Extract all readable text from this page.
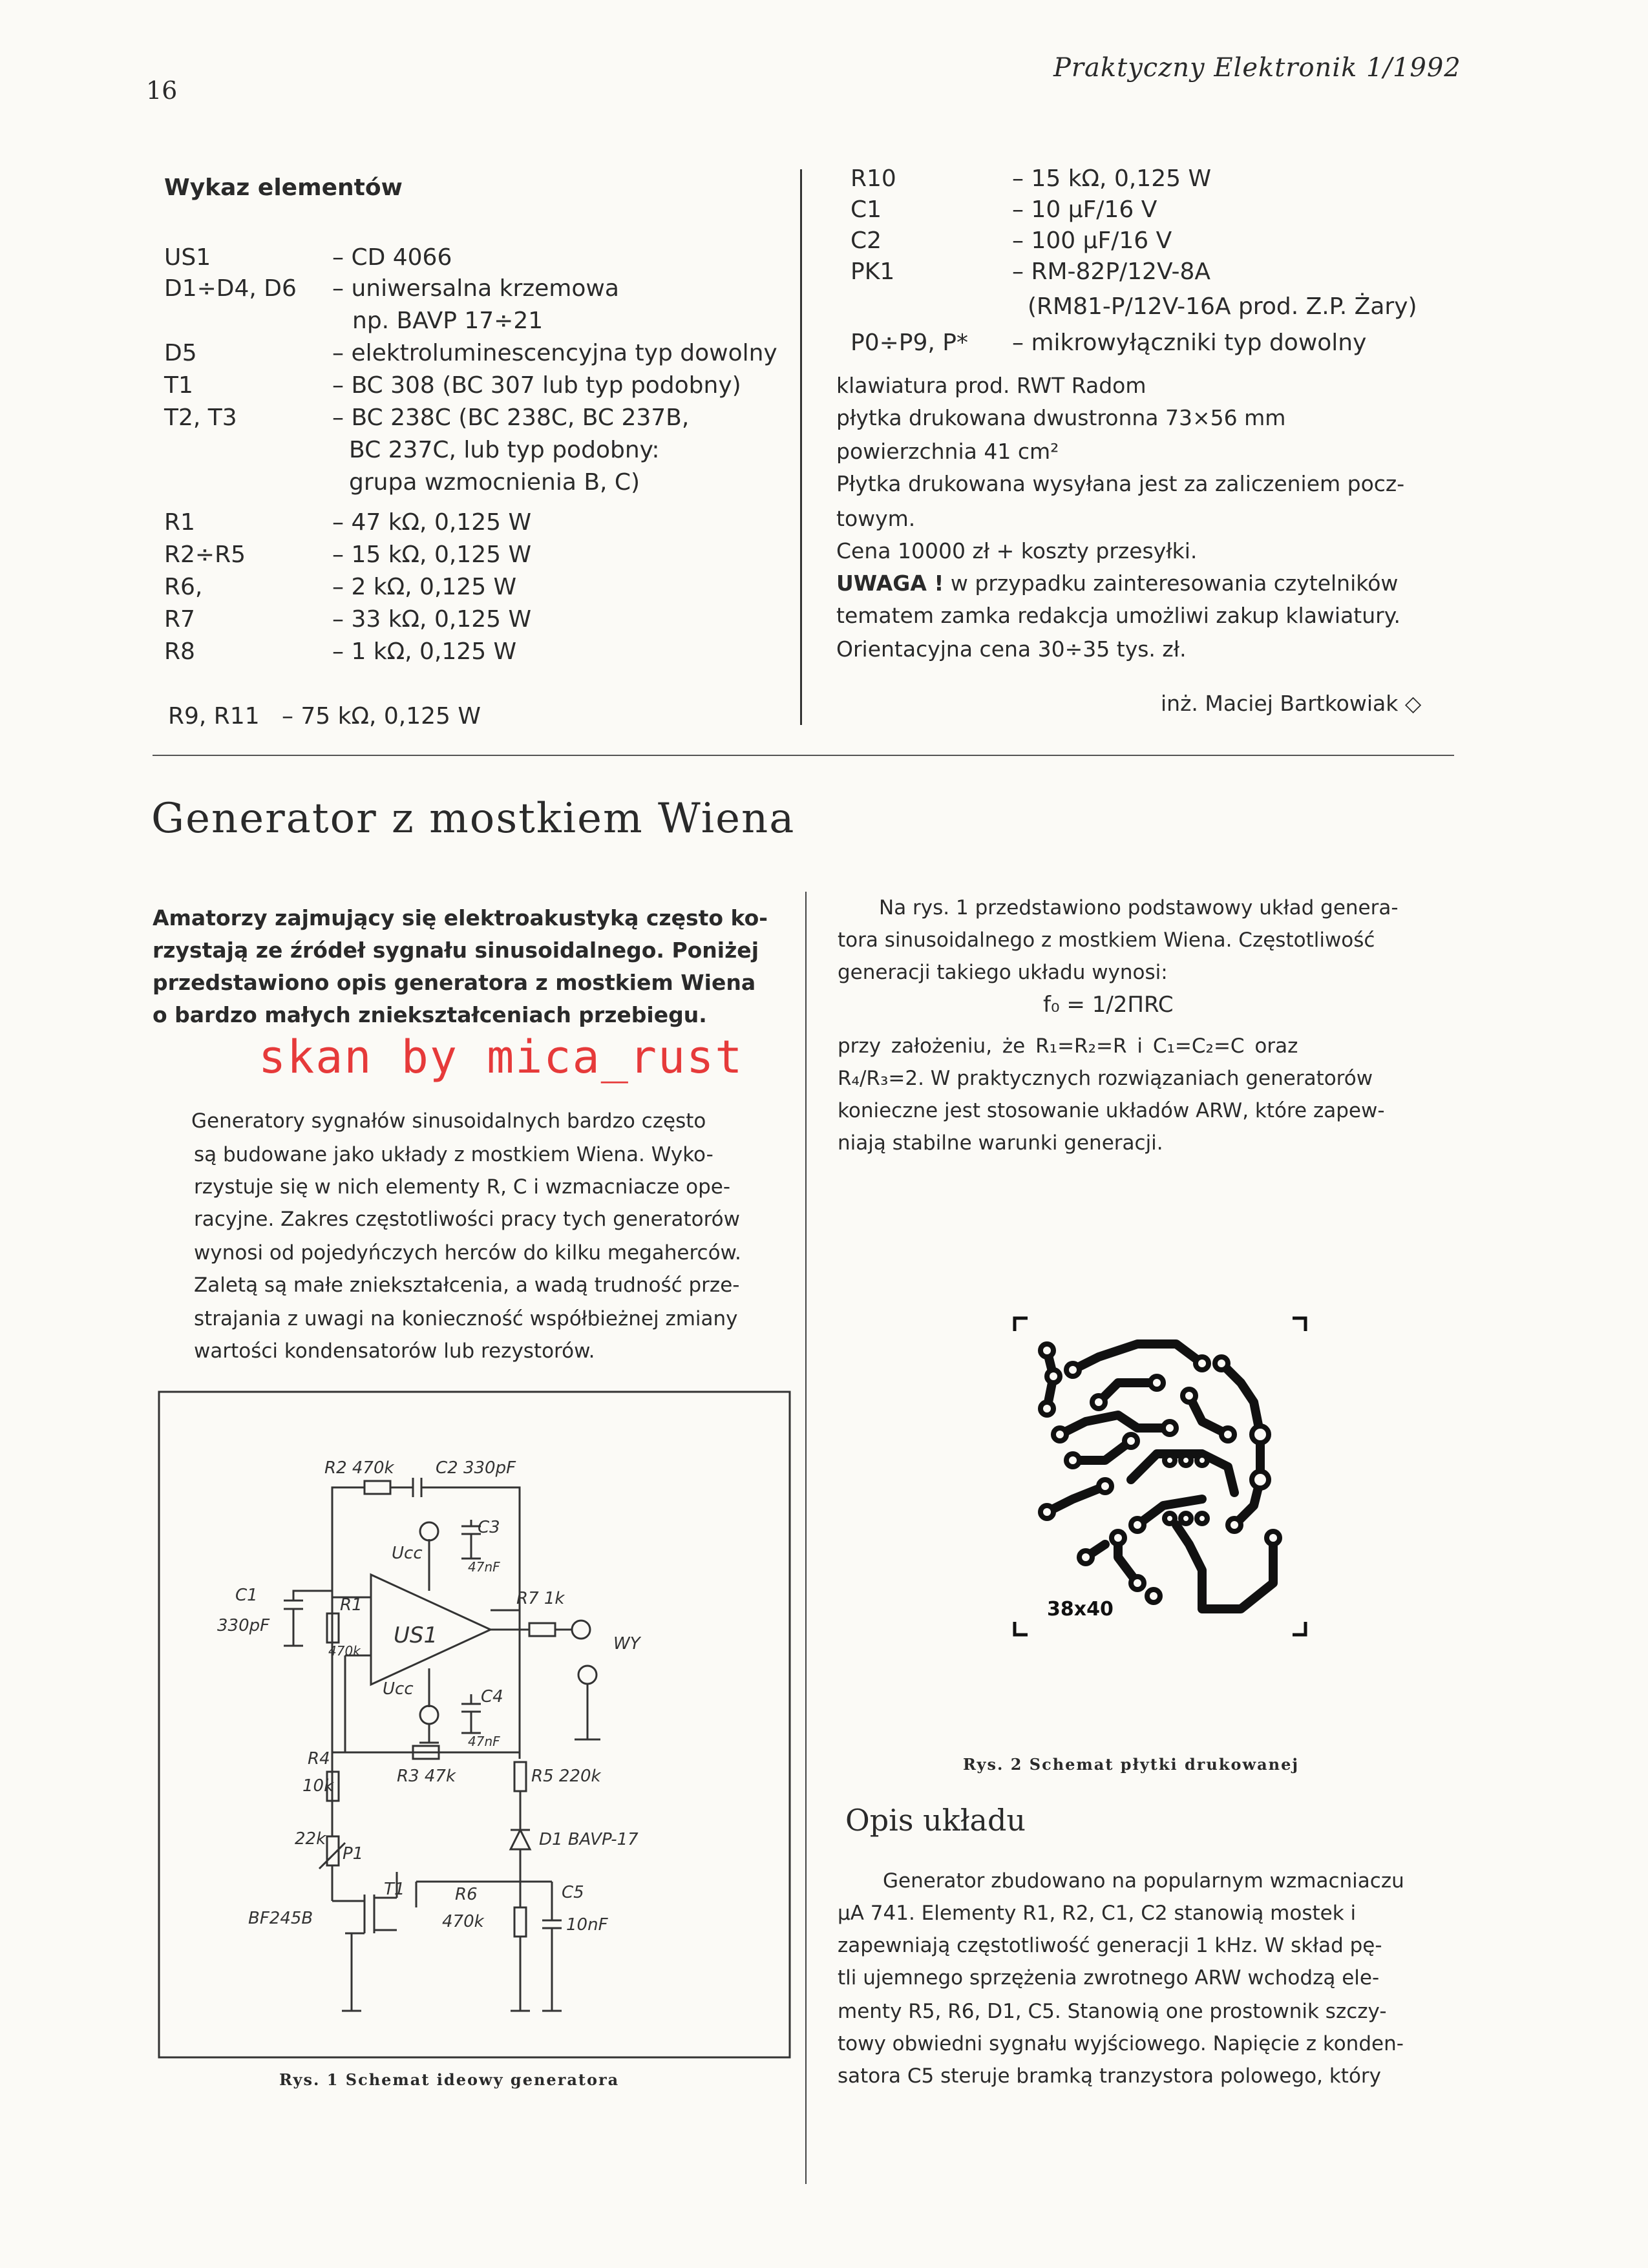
16
Praktyczny Elektronik 1/1992
Wykaz elementów
US1	– CD 4066
D1÷D4, D6 – uniwersalna krzemowa
np. BAVP 17÷21
D5	– elektroluminescencyjna typ dowolny
T1	– BC 308 (BC 307 lub typ podobny)
T2, T3	– BC 238C (BC 238C, BC 237B,
BC 237C, lub typ podobny:
grupa wzmocnienia B, C)
R1	– 47 kΩ, 0,125 W
R2÷R5	– 15 kΩ, 0,125 W
R6,	– 2 kΩ, 0,125 W
R7	– 33 kΩ, 0,125 W
R8	– 1 kΩ, 0,125 W
R9, R11   – 75 kΩ, 0,125 W
R10	– 15 kΩ, 0,125 W
C1	– 10 μF/16 V
C2	– 100 μF/16 V
PK1	– RM-82P/12V-8A
(RM81-P/12V-16A prod. Z.P. Żary)
P0÷P9, P* – mikrowyłączniki typ dowolny
klawiatura prod. RWT Radom
płytka drukowana dwustronna 73×56 mm
powierzchnia 41 cm²
Płytka drukowana wysyłana jest za zaliczeniem pocz-
towym.
Cena 10000 zł + koszty przesyłki.
UWAGA ! w przypadku zainteresowania czytelników
tematem zamka redakcja umożliwi zakup klawiatury.
Orientacyjna cena 30÷35 tys. zł.
inż. Maciej Bartkowiak ◇
Generator z mostkiem Wiena
Amatorzy zajmujący się elektroakustyką często ko-
rzystają ze źródeł sygnału sinusoidalnego. Poniżej
przedstawiono opis generatora z mostkiem Wiena
o bardzo małych zniekształceniach przebiegu.
skan by mica_rust
Generatory sygnałów sinusoidalnych bardzo często
są budowane jako układy z mostkiem Wiena. Wyko-
rzystuje się w nich elementy R, C i wzmacniacze ope-
racyjne. Zakres częstotliwości pracy tych generatorów
wynosi od pojedyńczych herców do kilku megaherców.
Zaletą są małe zniekształcenia, a wadą trudność prze-
strajania z uwagi na konieczność współbieżnej zmiany
wartości kondensatorów lub rezystorów.
Na rys. 1 przedstawiono podstawowy układ genera-
tora sinusoidalnego z mostkiem Wiena. Częstotliwość
generacji takiego układu wynosi:
f₀ = 1/2ΠRC
przy założeniu, że R₁=R₂=R i C₁=C₂=C oraz
R₄/R₃=2. W praktycznych rozwiązaniach generatorów
konieczne jest stosowanie układów ARW, które zapew-
niają stabilne warunki generacji.
R2 470k C2 330pF
C3
47nF
Ucc
C1
330pF
R1
470k
US1
R7 1k
WY
Ucc	C4
47nF
R4
10k	R3 47k	R5 220k
22k
P1
D1 BAVP-17
T1	R6
470k
C5
10nF
BF245B
Rys. 1 Schemat ideowy generatora
38x40
Rys. 2 Schemat płytki drukowanej
Opis układu
Generator zbudowano na popularnym wzmacniaczu
μA 741. Elementy R1, R2, C1, C2 stanowią mostek i
zapewniają częstotliwość generacji 1 kHz. W skład pę-
tli ujemnego sprzężenia zwrotnego ARW wchodzą ele-
menty R5, R6, D1, C5. Stanowią one prostownik szczy-
towy obwiedni sygnału wyjściowego. Napięcie z konden-
satora C5 steruje bramką tranzystora polowego, który
